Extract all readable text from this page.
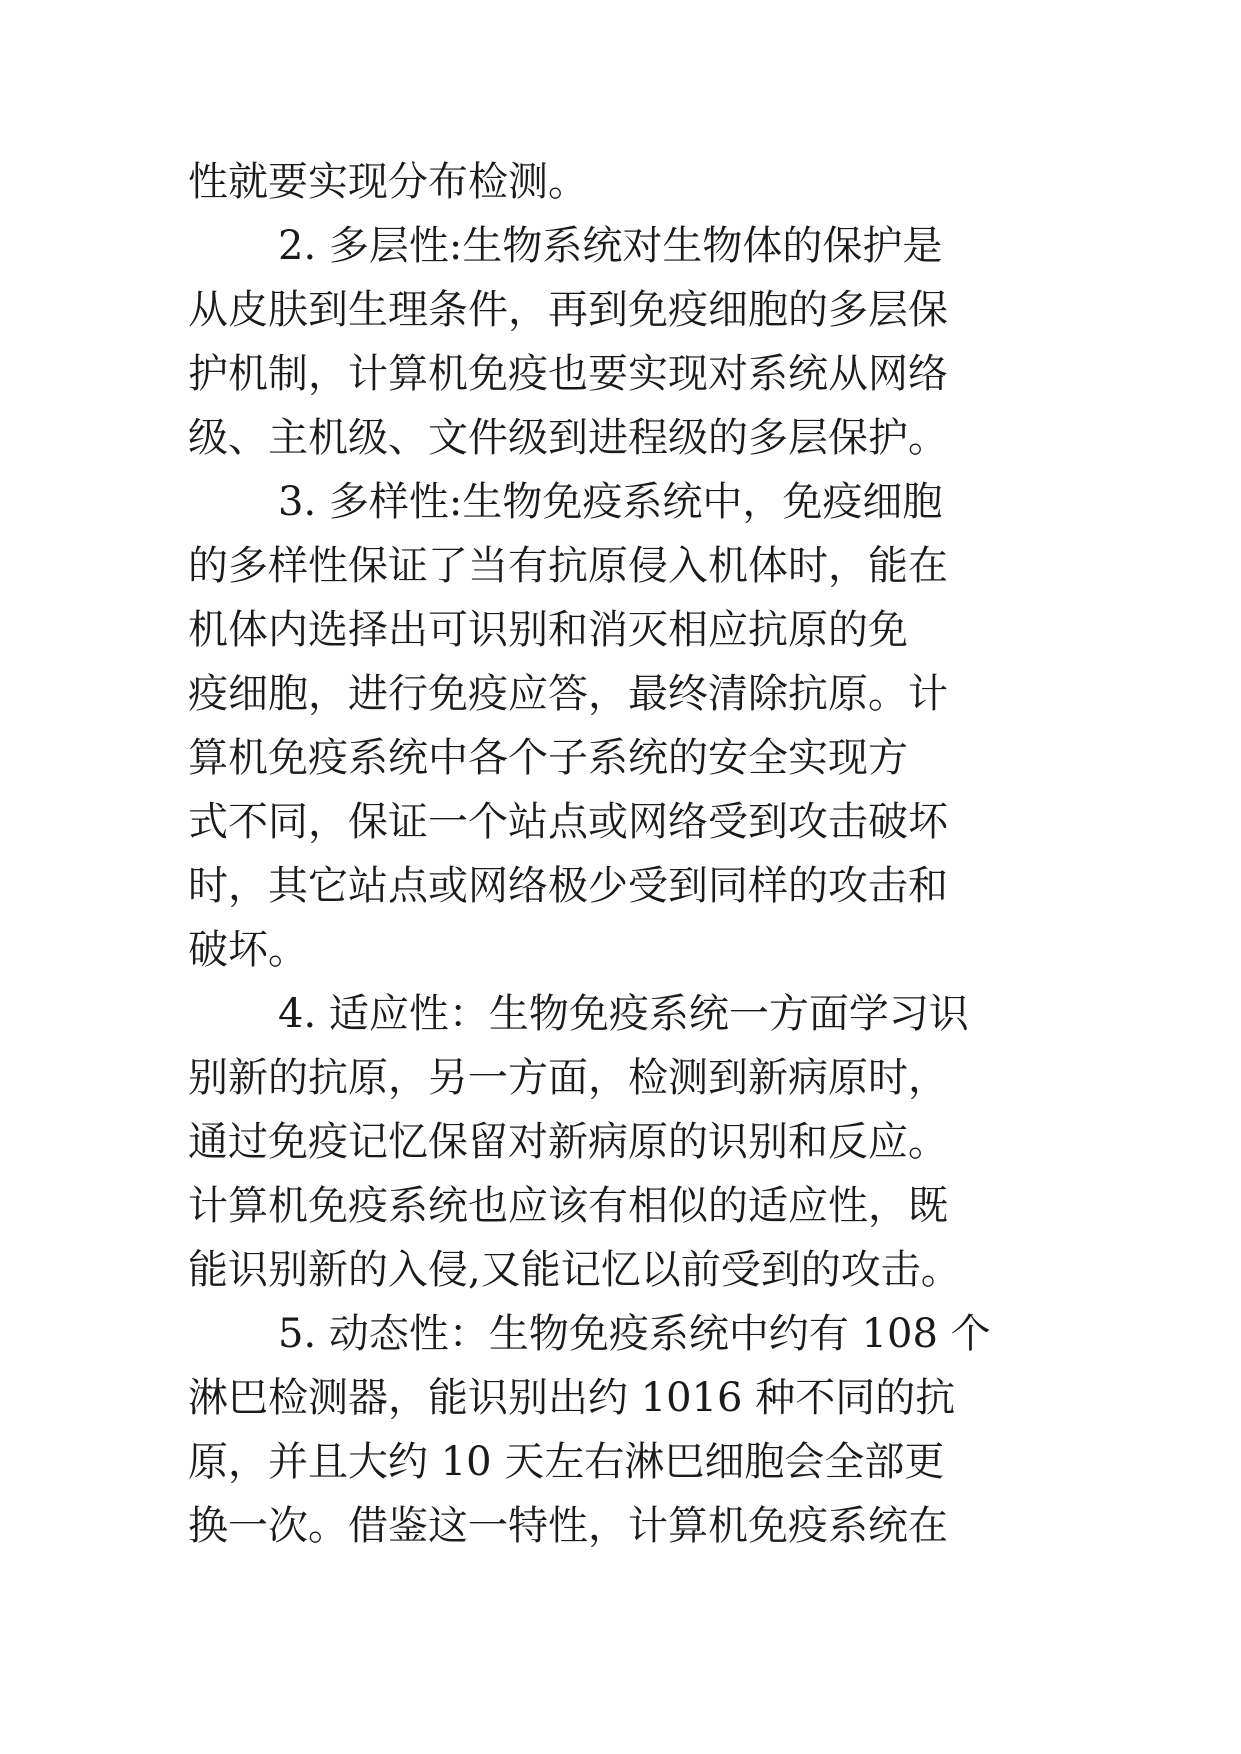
性就要实现分布检测。
2. 多层性:生物系统对生物体的保护是
从皮肤到生理条件，再到免疫细胞的多层保
护机制，计算机免疫也要实现对系统从网络
级、主机级、文件级到进程级的多层保护。
3. 多样性:生物免疫系统中，免疫细胞
的多样性保证了当有抗原侵入机体时，能在
机体内选择出可识别和消灭相应抗原的免
疫细胞，进行免疫应答，最终清除抗原。计
算机免疫系统中各个子系统的安全实现方
式不同，保证一个站点或网络受到攻击破坏
时，其它站点或网络极少受到同样的攻击和
破坏。
4. 适应性：生物免疫系统一方面学习识
别新的抗原，另一方面，检测到新病原时，
通过免疫记忆保留对新病原的识别和反应。
计算机免疫系统也应该有相似的适应性，既
能识别新的入侵,又能记忆以前受到的攻击。
5. 动态性：生物免疫系统中约有 108 个
淋巴检测器，能识别出约 1016 种不同的抗
原，并且大约 10 天左右淋巴细胞会全部更
换一次。借鉴这一特性，计算机免疫系统在
